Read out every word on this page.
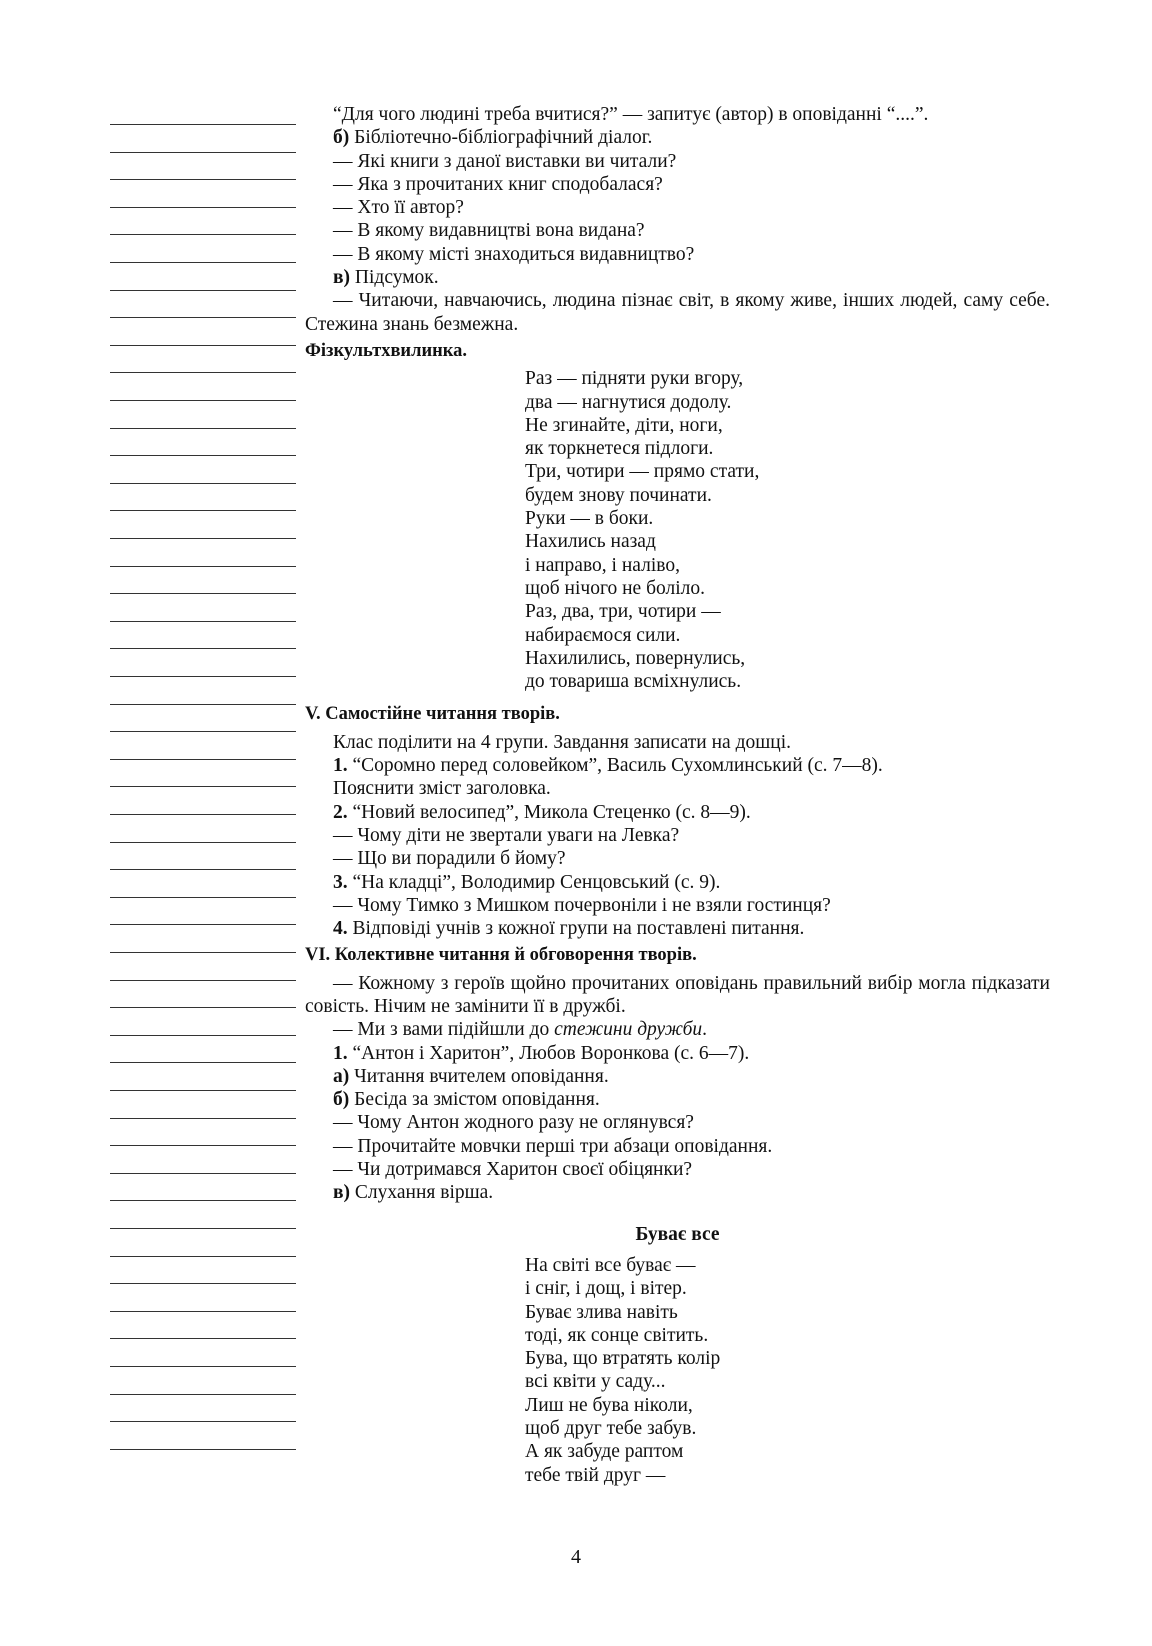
“Для чого людині треба вчитися?” — запитує (автор) в оповіданні “....”.

б) Бібліотечно-бібліографічний діалог.

— Які книги з даної виставки ви читали?

— Яка з прочитаних книг сподобалася?

— Хто її автор?

— В якому видавництві вона видана?

— В якому місті знаходиться видавництво?

в) Підсумок.

— Читаючи, навчаючись, людина пізнає світ, в якому живе, інших людей, саму себе. Стежина знань безмежна.

Фізкультхвилинка.

Раз — підняти руки вгору,
два — нагнутися додолу.
Не згинайте, діти, ноги,
як торкнетеся підлоги.
Три, чотири — прямо стати,
будем знову починати.
Руки — в боки.
Нахились назад
і направо, і наліво,
щоб нічого не боліло.
Раз, два, три, чотири —
набираємося сили.
Нахилились, повернулись,
до товариша всміхнулись.

V. Самостійне читання творів.

Клас поділити на 4 групи. Завдання записати на дошці.

1. “Соромно перед соловейком”, Василь Сухомлинський (с. 7—8).

Пояснити зміст заголовка.

2. “Новий велосипед”, Микола Стеценко (с. 8—9).

— Чому діти не звертали уваги на Левка?

— Що ви порадили б йому?

3. “На кладці”, Володимир Сенцовський (с. 9).

— Чому Тимко з Мишком почервоніли і не взяли гостинця?

4. Відповіді учнів з кожної групи на поставлені питання.

VI. Колективне читання й обговорення творів.

— Кожному з героїв щойно прочитаних оповідань правильний вибір могла підказати совість. Нічим не замінити її в дружбі.

— Ми з вами підійшли до стежини дружби.

1. “Антон і Харитон”, Любов Воронкова (с. 6—7).

а) Читання вчителем оповідання.

б) Бесіда за змістом оповідання.

— Чому Антон жодного разу не оглянувся?

— Прочитайте мовчки перші три абзаци оповідання.

— Чи дотримався Харитон своєї обіцянки?

в) Слухання вірша.

Буває все

На світі все буває —
і сніг, і дощ, і вітер.
Буває злива навіть
тоді, як сонце світить.
Бува, що втратять колір
всі квіти у саду...
Лиш не бува ніколи,
щоб друг тебе забув.
А як забуде раптом
тебе твій друг —
4
